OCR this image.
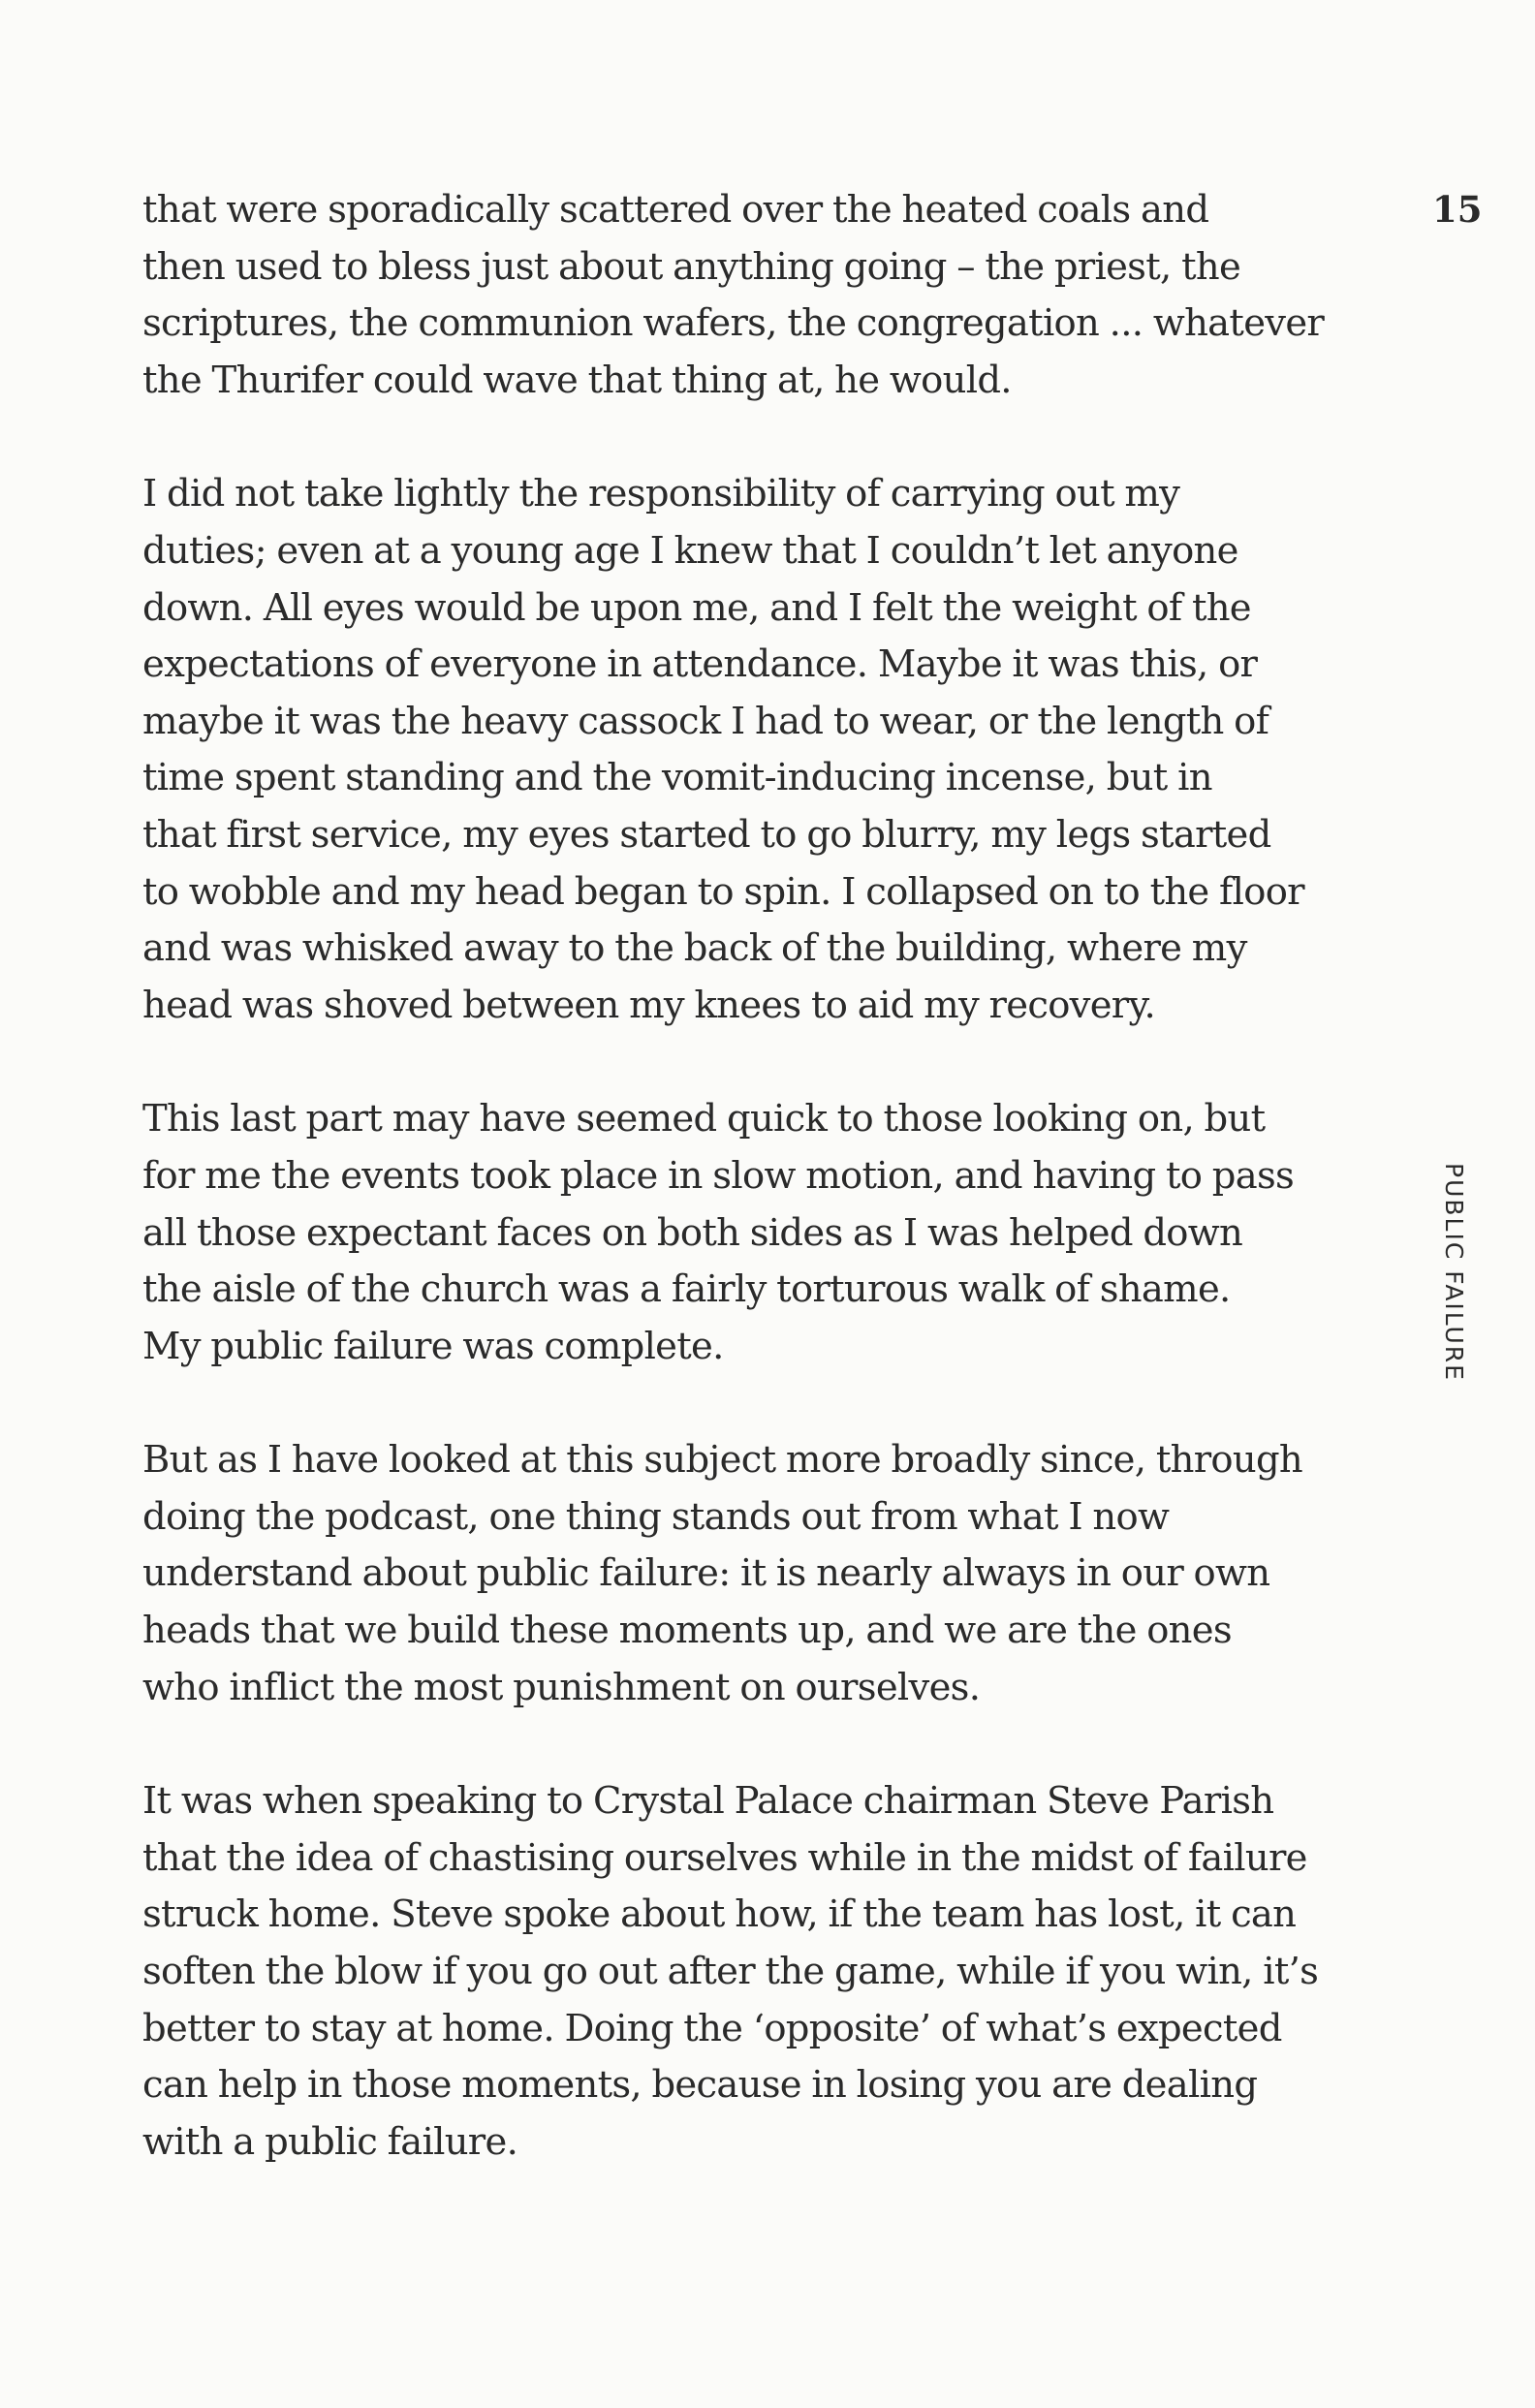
15
PUBLIC FAILURE

that were sporadically scattered over the heated coals and
then used to bless just about anything going – the priest, the
scriptures, the communion wafers, the congregation ... whatever
the Thurifer could wave that thing at, he would.

I did not take lightly the responsibility of carrying out my
duties; even at a young age I knew that I couldn’t let anyone
down. All eyes would be upon me, and I felt the weight of the
expectations of everyone in attendance. Maybe it was this, or
maybe it was the heavy cassock I had to wear, or the length of
time spent standing and the vomit-inducing incense, but in
that first service, my eyes started to go blurry, my legs started
to wobble and my head began to spin. I collapsed on to the floor
and was whisked away to the back of the building, where my
head was shoved between my knees to aid my recovery.

This last part may have seemed quick to those looking on, but
for me the events took place in slow motion, and having to pass
all those expectant faces on both sides as I was helped down
the aisle of the church was a fairly torturous walk of shame.
My public failure was complete.

But as I have looked at this subject more broadly since, through
doing the podcast, one thing stands out from what I now
understand about public failure: it is nearly always in our own
heads that we build these moments up, and we are the ones
who inflict the most punishment on ourselves.

It was when speaking to Crystal Palace chairman Steve Parish
that the idea of chastising ourselves while in the midst of failure
struck home. Steve spoke about how, if the team has lost, it can
soften the blow if you go out after the game, while if you win, it’s
better to stay at home. Doing the ‘opposite’ of what’s expected
can help in those moments, because in losing you are dealing
with a public failure.
